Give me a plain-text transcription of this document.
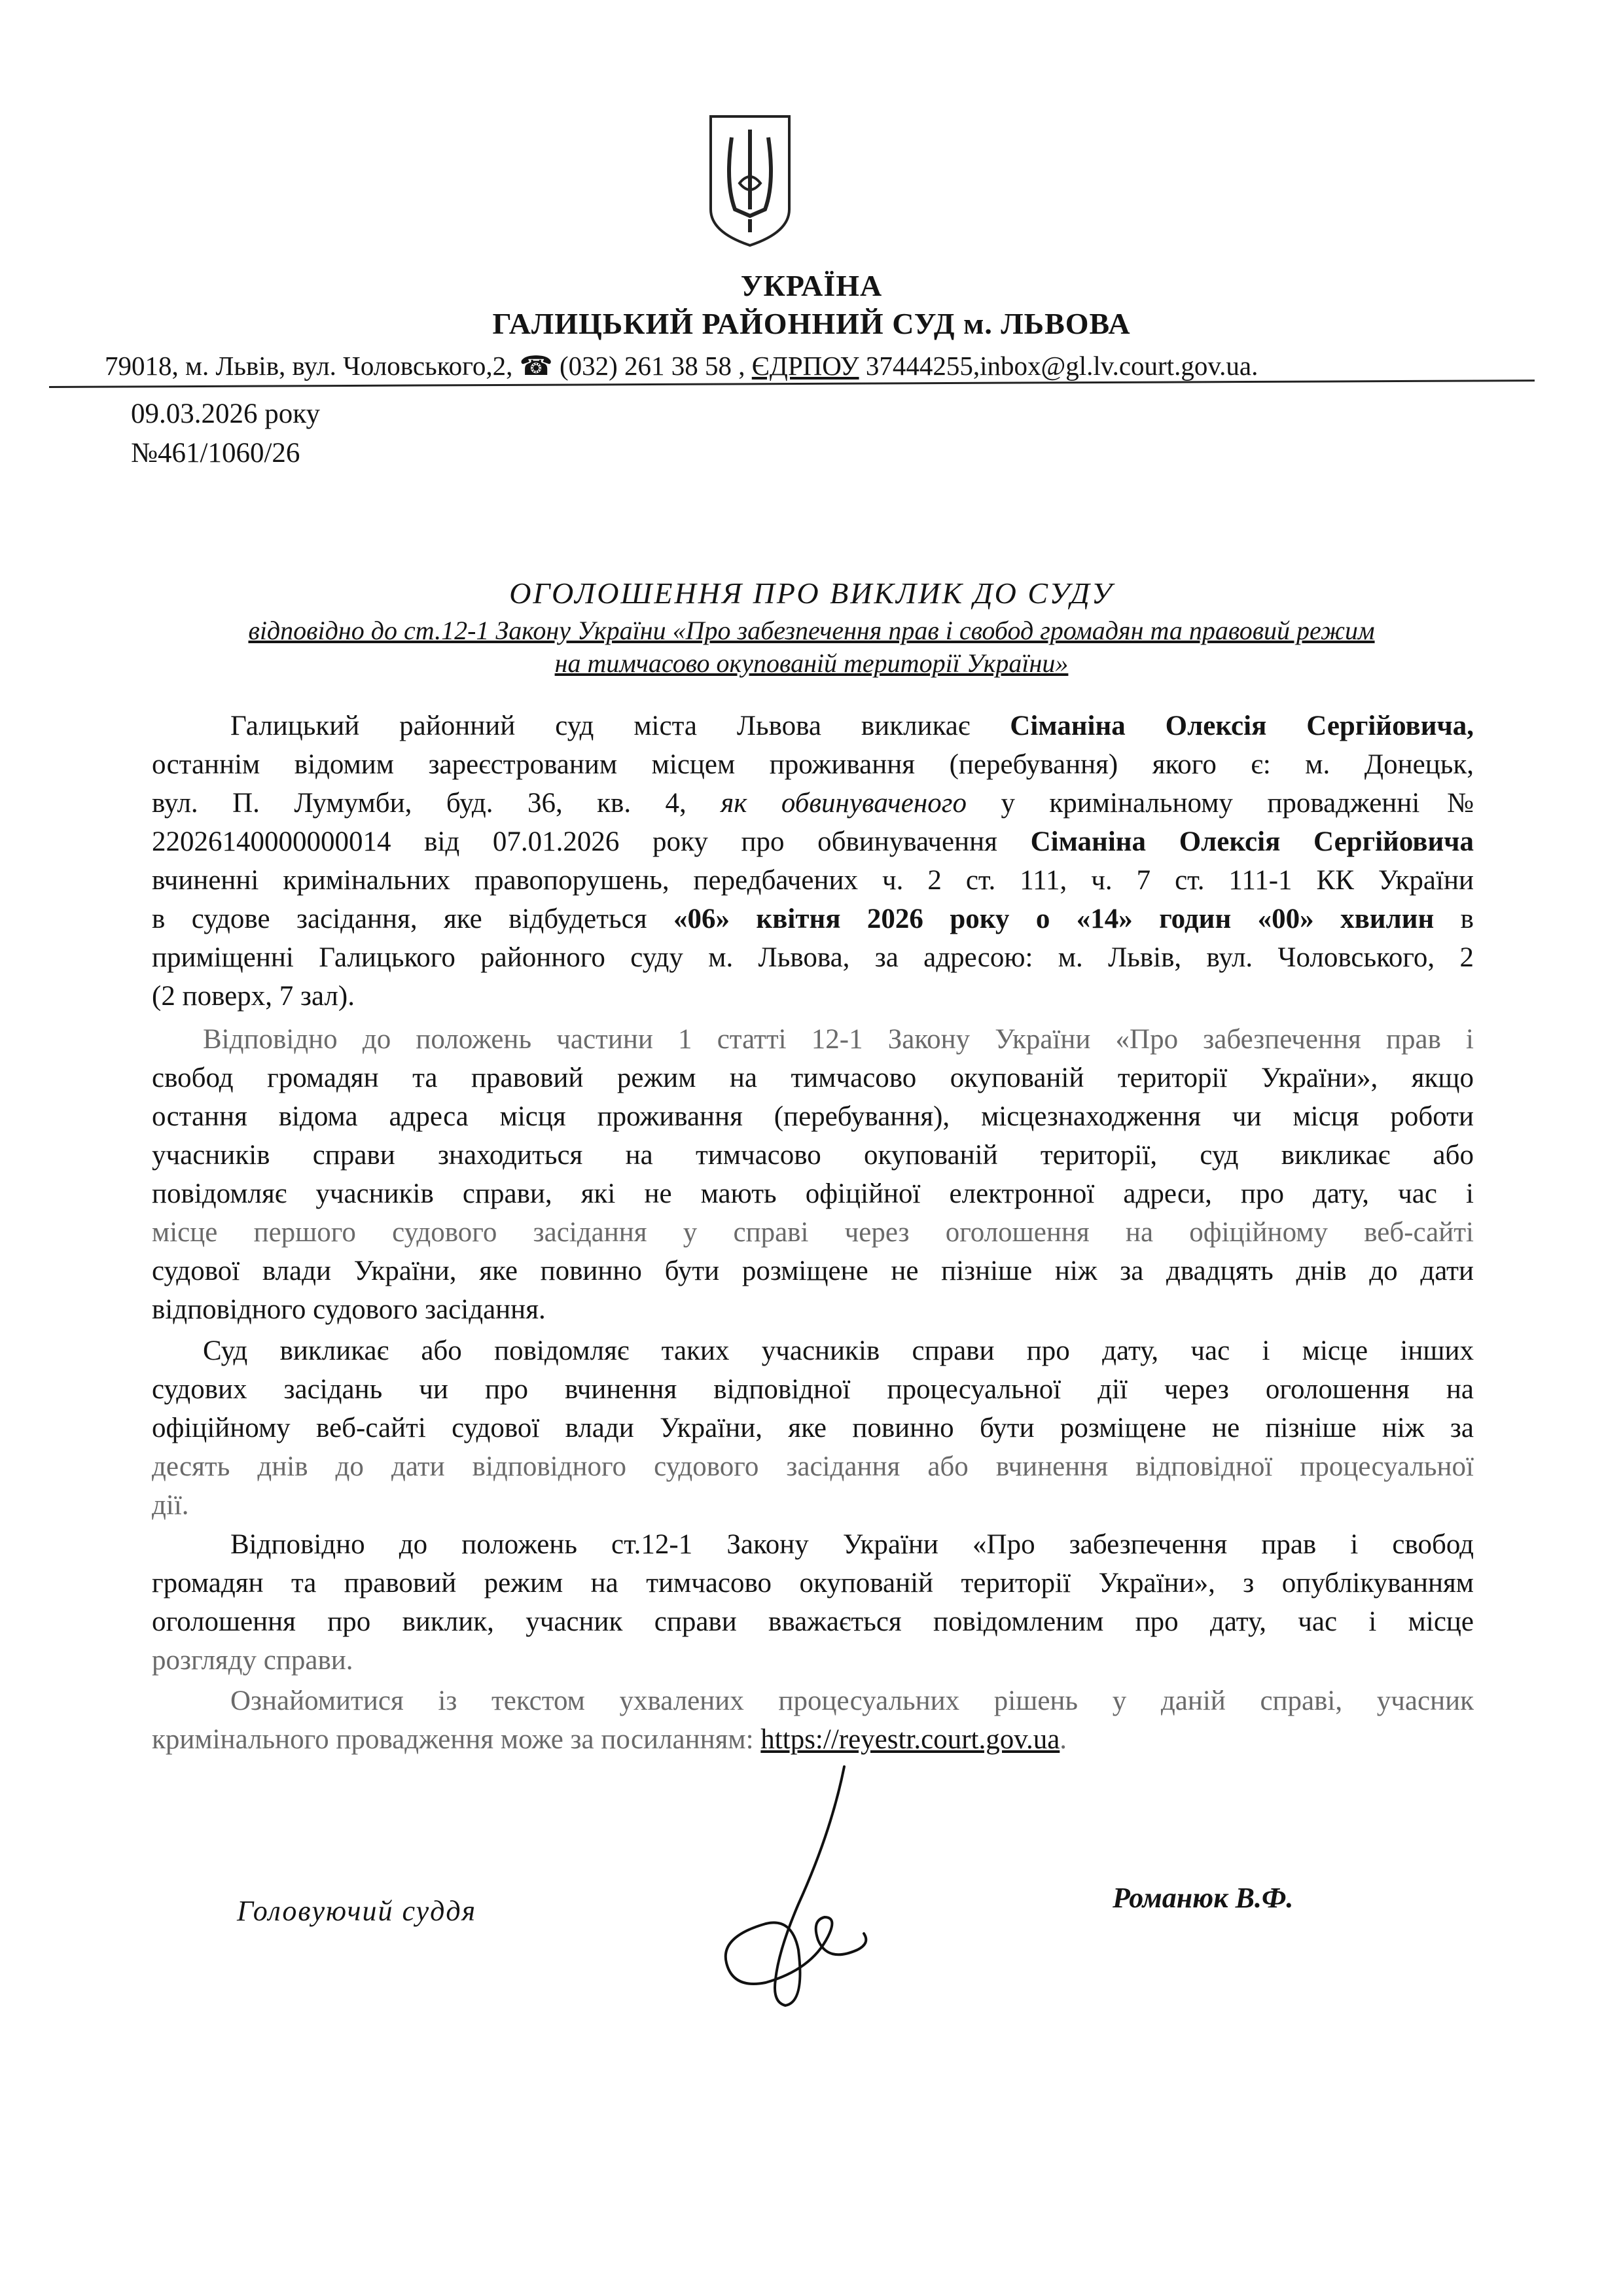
УКРАЇНА
ГАЛИЦЬКИЙ РАЙОННИЙ СУД м. ЛЬВОВА
79018, м. Львів, вул. Чоловського,2, ☎ (032) 261 38 58 , ЄДРПОУ 37444255,inbox@gl.lv.court.gov.ua.
09.03.2026 року
№461/1060/26
ОГОЛОШЕННЯ ПРО ВИКЛИК ДО СУДУ
відповідно до ст.12-1 Закону України «Про забезпечення прав і свобод громадян та правовий режим
на тимчасово окупованій території України»
Галицький районний суд міста Львова викликає Сіманіна Олексія Сергійовича,
останнім відомим зареєстрованим місцем проживання (перебування) якого є: м. Донецьк,
вул. П. Лумумби, буд. 36, кв. 4, як обвинуваченого у кримінальному провадженні№
22026140000000014 від 07.01.2026 року про обвинувачення Сіманіна Олексія Сергійовича
вчиненні кримінальних правопорушень, передбачених ч. 2 ст. 111, ч. 7 ст. 111-1 КК України
в судове засідання, яке відбудеться «06» квітня 2026 року о «14» годин «00» хвилин в
приміщенні Галицького районного суду м. Львова, за адресою: м. Львів, вул. Чоловського, 2
(2 поверх, 7 зал).
Відповідно до положень частини 1 статті 12-1 Закону України «Про забезпечення прав і
свобод громадян та правовий режим на тимчасово окупованій території України», якщо
остання відома адреса місця проживання (перебування), місцезнаходження чи місця роботи
учасників справи знаходиться на тимчасово окупованій території, суд викликає або
повідомляє учасників справи, які не мають офіційної електронної адреси, про дату, час і
місце першого судового засідання у справі через оголошення на офіційному веб-сайті
судової влади України, яке повинно бути розміщене не пізніше ніж за двадцять днів до дати
відповідного судового засідання.
Суд викликає або повідомляє таких учасників справи про дату, час і місце інших
судових засідань чи про вчинення відповідної процесуальної дії через оголошення на
офіційному веб-сайті судової влади України, яке повинно бути розміщене не пізніше ніж за
десять днів до дати відповідного судового засідання або вчинення відповідної процесуальної
дії.
Відповідно до положень ст.12-1 Закону України «Про забезпечення прав і свобод
громадян та правовий режим на тимчасово окупованій території України», з опублікуванням
оголошення про виклик, учасник справи вважається повідомленим про дату, час і місце
розгляду справи.
Ознайомитися із текстом ухвалених процесуальних рішень у даній справі, учасник
кримінального провадження може за посиланням: https://reyestr.court.gov.ua.
Головуючий суддя	Романюк В.Ф.
